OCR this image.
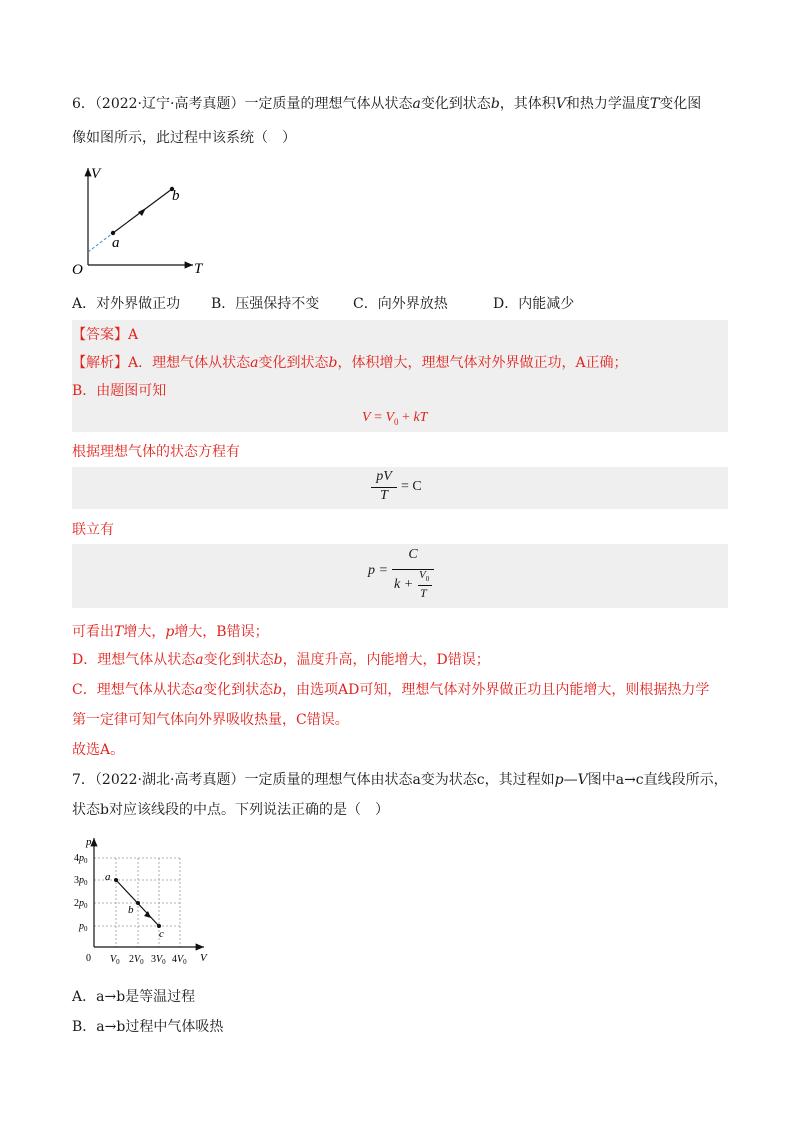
6．（2022·辽宁·高考真题）一定质量的理想气体从状态a变化到状态b，其体积V和热力学温度T变化图
像如图所示，此过程中该系统（　）
V
T
O
a
b
A．对外界做正功 B．压强保持不变 C．向外界放热	D．内能减少
【答案】A
【解析】A．理想气体从状态a变化到状态b，体积增大，理想气体对外界做正功，A正确；
B．由题图可知
$V = V_0$ + kT
根据理想气体的状态方程有
pV
T
= C
联立有
p =
C
k +
$V_0$
T
可看出T增大，p增大，B错误；
D．理想气体从状态a变化到状态b，温度升高，内能增大，D错误；
C．理想气体从状态a变化到状态b，由选项AD可知，理想气体对外界做正功且内能增大，则根据热力学
第一定律可知气体向外界吸收热量，C错误。
故选A。
7．（2022·湖北·高考真题）一定质量的理想气体由状态a变为状态c，其过程如p—V图中a→c直线段所示，
状态b对应该线段的中点。下列说法正确的是（　）
p
V
0
$4p_0$
$3p_0$
$2p_0$
$p_0$
$V_0$ $2V_0$ $3V_0$ $4V_0$
a
b
c
A．a→b是等温过程
B．a→b过程中气体吸热
